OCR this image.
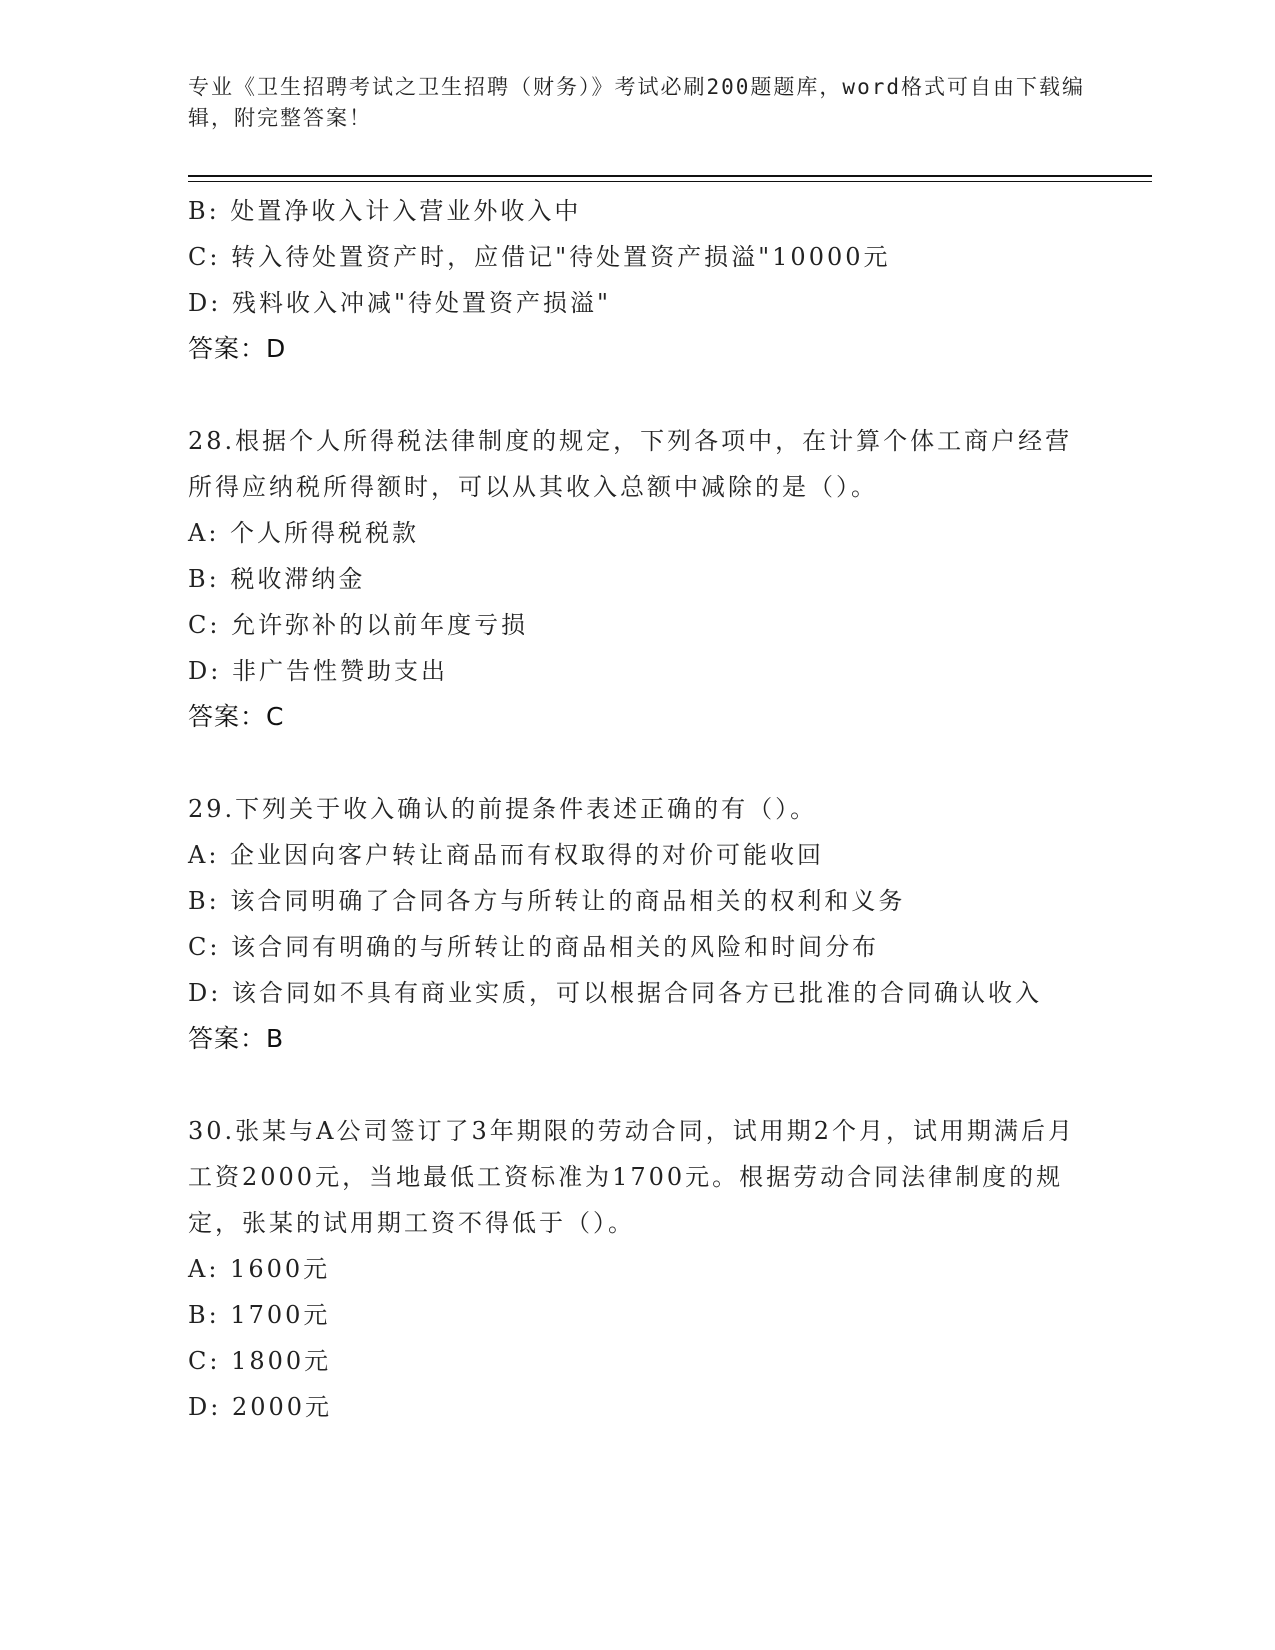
专业《卫生招聘考试之卫生招聘（财务）》考试必刷200题题库，word格式可自由下载编辑，附完整答案！
B: 处置净收入计入营业外收入中
C: 转入待处置资产时，应借记"待处置资产损溢"10000元
D: 残料收入冲减"待处置资产损溢"
答案：D
28.根据个人所得税法律制度的规定，下列各项中，在计算个体工商户经营所得应纳税所得额时，可以从其收入总额中减除的是（）。
A: 个人所得税税款
B: 税收滞纳金
C: 允许弥补的以前年度亏损
D: 非广告性赞助支出
答案：C
29.下列关于收入确认的前提条件表述正确的有（）。
A: 企业因向客户转让商品而有权取得的对价可能收回
B: 该合同明确了合同各方与所转让的商品相关的权利和义务
C: 该合同有明确的与所转让的商品相关的风险和时间分布
D: 该合同如不具有商业实质，可以根据合同各方已批准的合同确认收入
答案：B
30.张某与A公司签订了3年期限的劳动合同，试用期2个月，试用期满后月工资2000元，当地最低工资标准为1700元。根据劳动合同法律制度的规定，张某的试用期工资不得低于（）。
A: 1600元
B: 1700元
C: 1800元
D: 2000元
